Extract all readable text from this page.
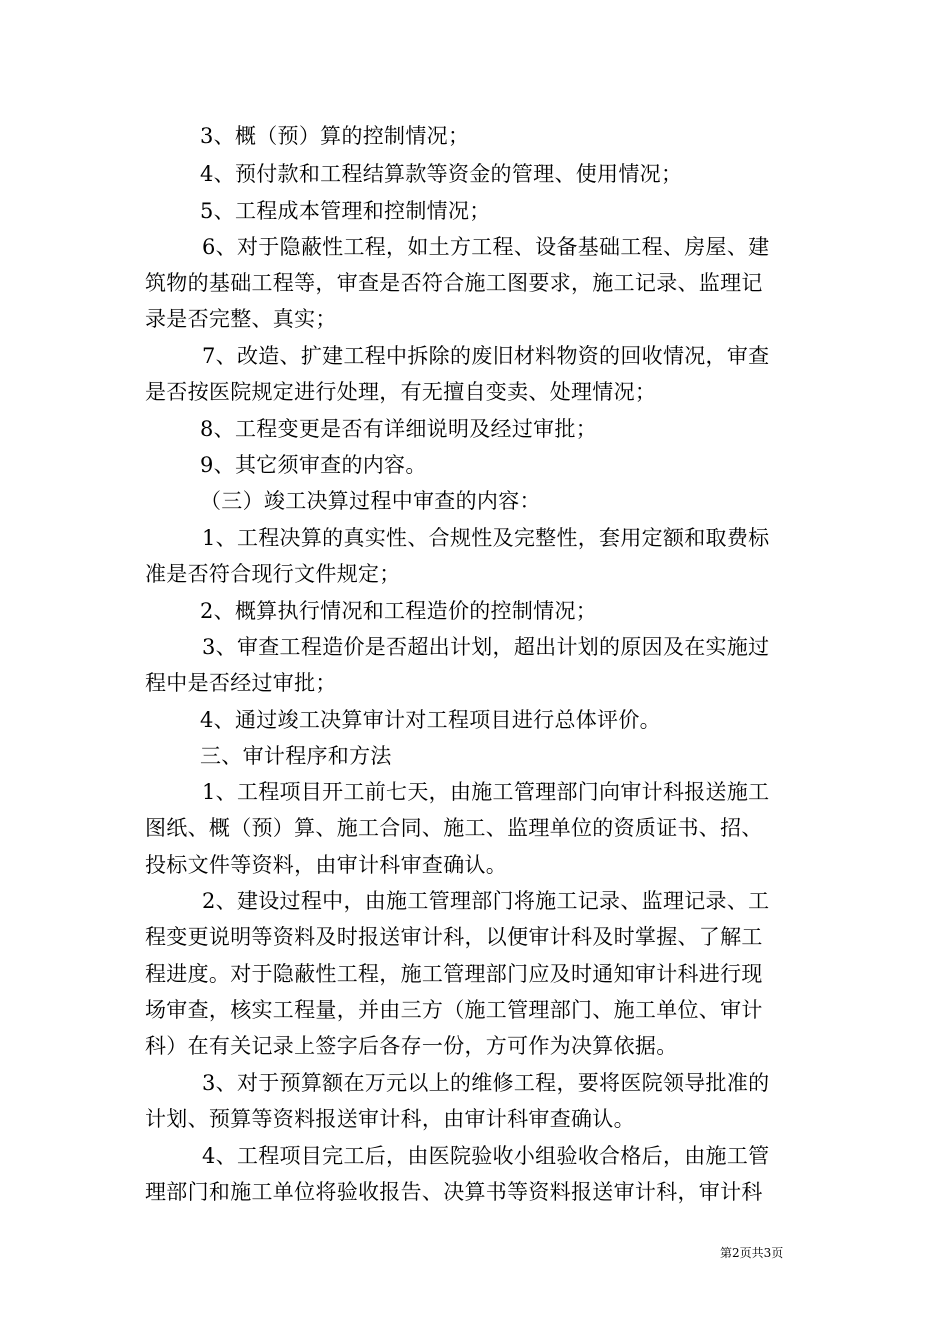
3、概（预）算的控制情况；
4、预付款和工程结算款等资金的管理、使用情况；
5、工程成本管理和控制情况；
6、对于隐蔽性工程，如土方工程、设备基础工程、房屋、建
筑物的基础工程等，审查是否符合施工图要求，施工记录、监理记
录是否完整、真实；
7、改造、扩建工程中拆除的废旧材料物资的回收情况，审查
是否按医院规定进行处理，有无擅自变卖、处理情况；
8、工程变更是否有详细说明及经过审批；
9、其它须审查的内容。
（三）竣工决算过程中审查的内容：
1、工程决算的真实性、合规性及完整性，套用定额和取费标
准是否符合现行文件规定；
2、概算执行情况和工程造价的控制情况；
3、审查工程造价是否超出计划，超出计划的原因及在实施过
程中是否经过审批；
4、通过竣工决算审计对工程项目进行总体评价。
三、审计程序和方法
1、工程项目开工前七天，由施工管理部门向审计科报送施工
图纸、概（预）算、施工合同、施工、监理单位的资质证书、招、
投标文件等资料，由审计科审查确认。
2、建设过程中，由施工管理部门将施工记录、监理记录、工
程变更说明等资料及时报送审计科，以便审计科及时掌握、了解工
程进度。对于隐蔽性工程，施工管理部门应及时通知审计科进行现
场审查，核实工程量，并由三方（施工管理部门、施工单位、审计
科）在有关记录上签字后各存一份，方可作为决算依据。
3、对于预算额在万元以上的维修工程，要将医院领导批准的
计划、预算等资料报送审计科，由审计科审查确认。
4、工程项目完工后，由医院验收小组验收合格后，由施工管
理部门和施工单位将验收报告、决算书等资料报送审计科，审计科
第2页共3页
